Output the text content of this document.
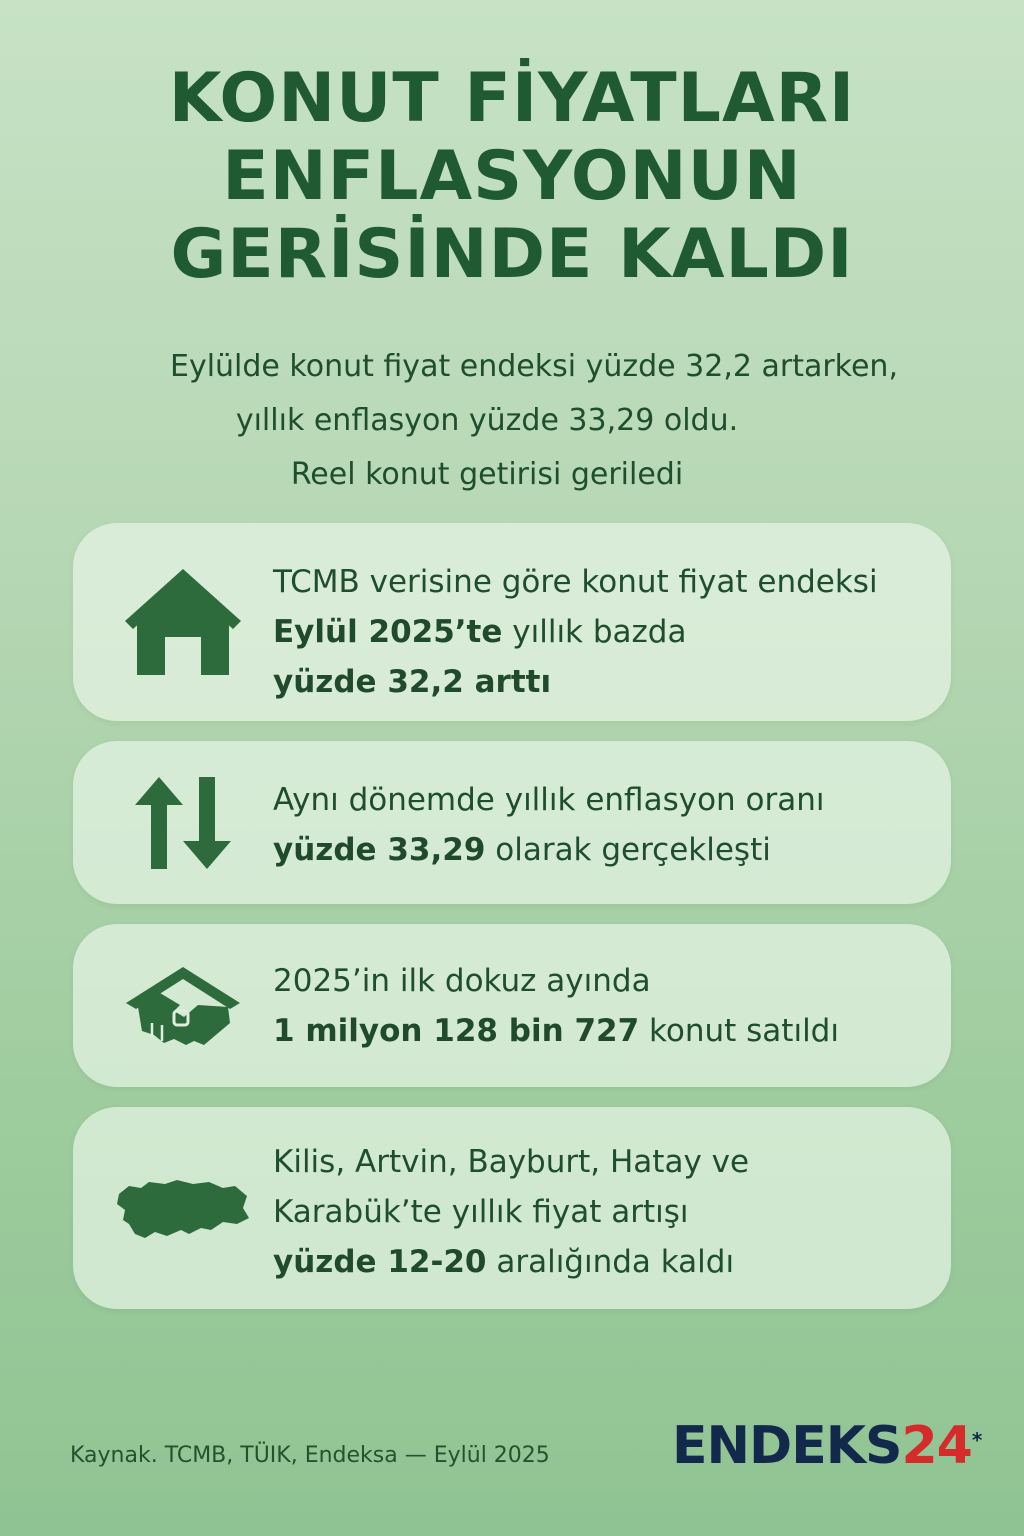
KONUT FİYATLARI
ENFLASYONUN
GERİSİNDE KALDI
Eylülde konut fiyat endeksi yüzde 32,2 artarken,
yıllık enflasyon yüzde 33,29 oldu.
Reel konut getirisi geriledi
TCMB verisine göre konut fiyat endeksi
Eylül 2025’te yıllık bazda
yüzde 32,2 arttı
Aynı dönemde yıllık enflasyon oranı
yüzde 33,29 olarak gerçekleşti
2025’in ilk dokuz ayında
1 milyon 128 bin 727 konut satıldı
Kilis, Artvin, Bayburt, Hatay ve
Karabük’te yıllık fiyat artışı
yüzde 12-20 aralığında kaldı
Kaynak. TCMB, TÜIK, Endeksa — Eylül 2025 ENDEKS24*
